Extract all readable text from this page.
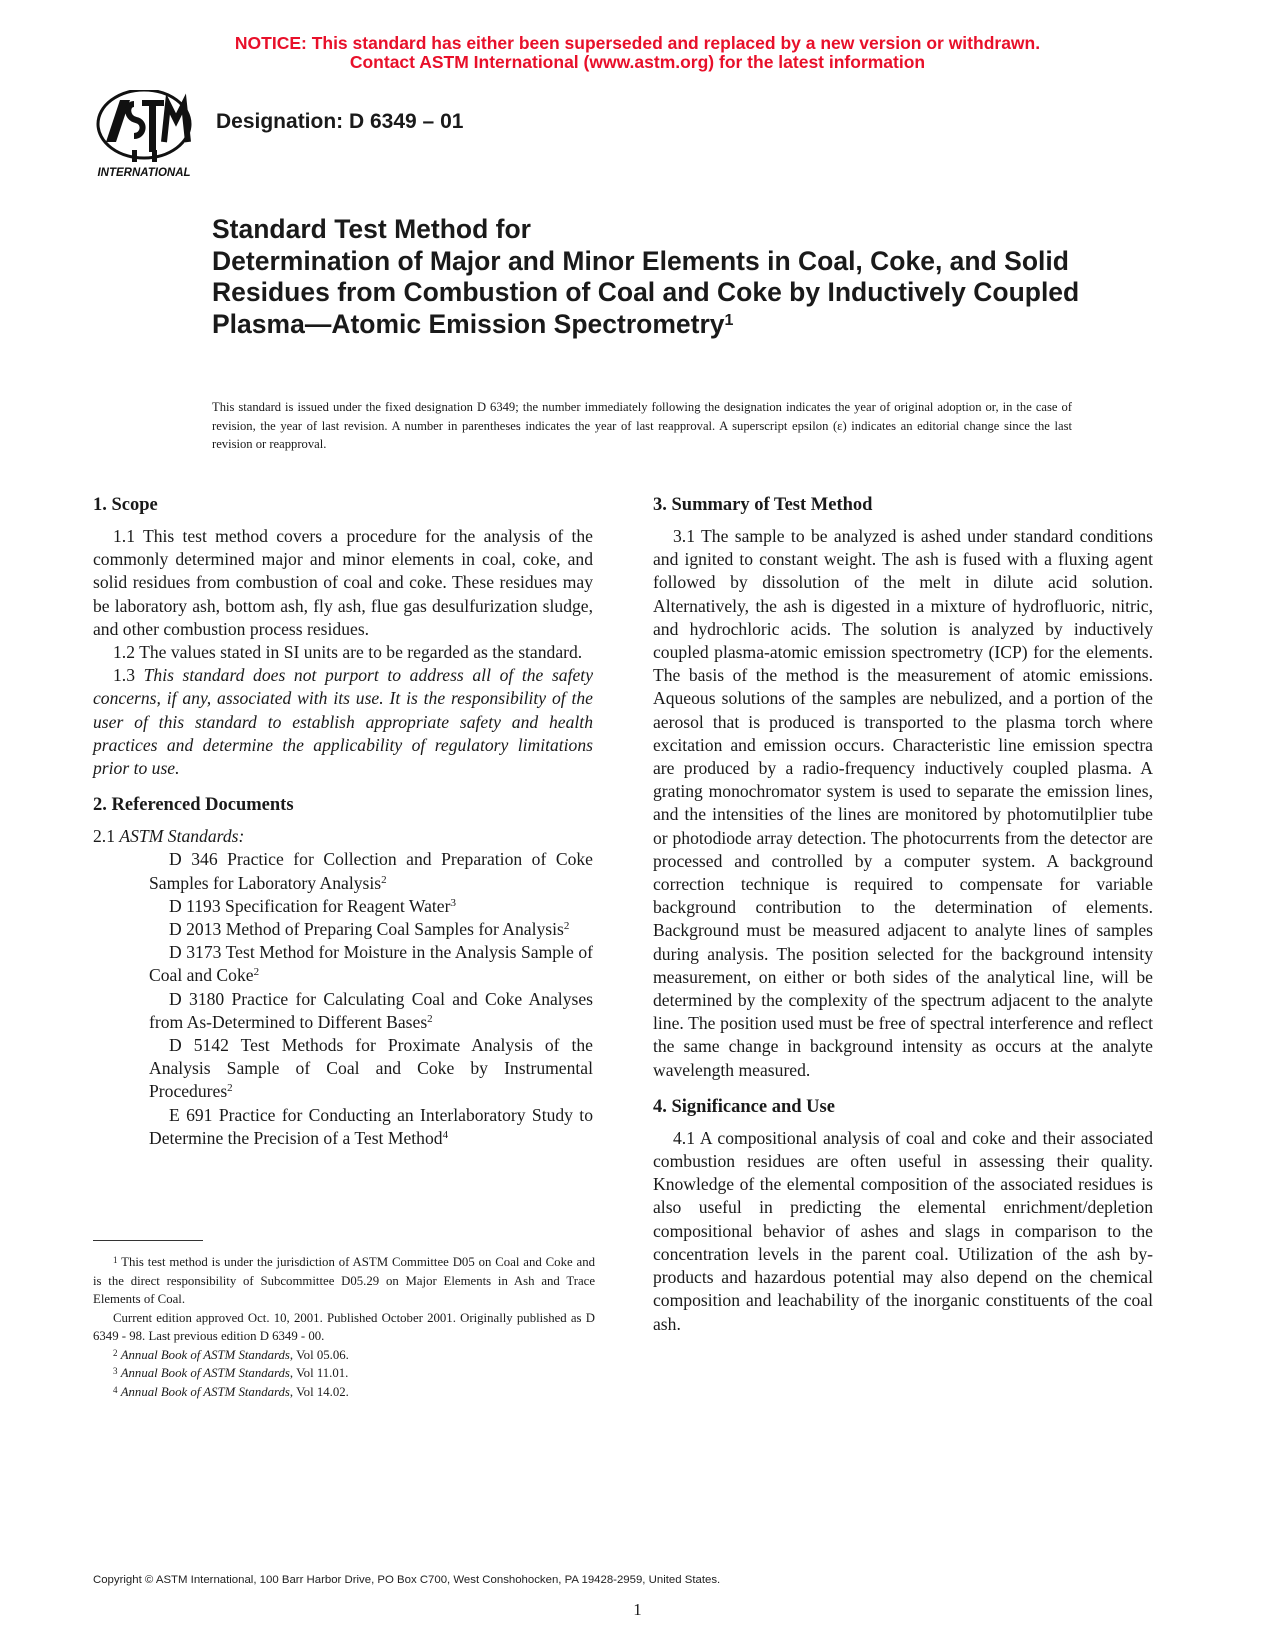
NOTICE: This standard has either been superseded and replaced by a new version or withdrawn.
Contact ASTM International (www.astm.org) for the latest information
INTERNATIONAL
Designation: D 6349 – 01
Standard Test Method for
Determination of Major and Minor Elements in Coal, Coke, and Solid Residues from Combustion of Coal and Coke by Inductively Coupled Plasma—Atomic Emission Spectrometry$^1$
This standard is issued under the fixed designation D 6349; the number immediately following the designation indicates the year of original adoption or, in the case of revision, the year of last revision. A number in parentheses indicates the year of last reapproval. A superscript epsilon (ε) indicates an editorial change since the last revision or reapproval.
1. Scope

1.1 This test method covers a procedure for the analysis of the commonly determined major and minor elements in coal, coke, and solid residues from combustion of coal and coke. These residues may be laboratory ash, bottom ash, fly ash, flue gas desulfurization sludge, and other combustion process residues.

1.2 The values stated in SI units are to be regarded as the standard.

1.3 This standard does not purport to address all of the safety concerns, if any, associated with its use. It is the responsibility of the user of this standard to establish appropriate safety and health practices and determine the applicability of regulatory limitations prior to use.

2. Referenced Documents

2.1 ASTM Standards:

D 346 Practice for Collection and Preparation of Coke Samples for Laboratory Analysis$^2$

D 1193 Specification for Reagent Water$^3$

D 2013 Method of Preparing Coal Samples for Analysis$^2$

D 3173 Test Method for Moisture in the Analysis Sample of Coal and Coke$^2$

D 3180 Practice for Calculating Coal and Coke Analyses from As-Determined to Different Bases$^2$

D 5142 Test Methods for Proximate Analysis of the Analysis Sample of Coal and Coke by Instrumental Procedures$^2$

E 691 Practice for Conducting an Interlaboratory Study to Determine the Precision of a Test Method$^4$

3. Summary of Test Method

3.1 The sample to be analyzed is ashed under standard conditions and ignited to constant weight. The ash is fused with a fluxing agent followed by dissolution of the melt in dilute acid solution. Alternatively, the ash is digested in a mixture of hydrofluoric, nitric, and hydrochloric acids. The solution is analyzed by inductively coupled plasma-atomic emission spectrometry (ICP) for the elements. The basis of the method is the measurement of atomic emissions. Aqueous solutions of the samples are nebulized, and a portion of the aerosol that is produced is transported to the plasma torch where excitation and emission occurs. Characteristic line emission spectra are produced by a radio-frequency inductively coupled plasma. A grating monochromator system is used to separate the emission lines, and the intensities of the lines are monitored by photomutilplier tube or photodiode array detection. The photocurrents from the detector are processed and controlled by a computer system. A background correction technique is required to compensate for variable background contribution to the determination of elements. Background must be measured adjacent to analyte lines of samples during analysis. The position selected for the background intensity measurement, on either or both sides of the analytical line, will be determined by the complexity of the spectrum adjacent to the analyte line. The position used must be free of spectral interference and reflect the same change in background intensity as occurs at the analyte wavelength measured.

4. Significance and Use

4.1 A compositional analysis of coal and coke and their associated combustion residues are often useful in assessing their quality. Knowledge of the elemental composition of the associated residues is also useful in predicting the elemental enrichment/depletion compositional behavior of ashes and slags in comparison to the concentration levels in the parent coal. Utilization of the ash by-products and hazardous potential may also depend on the chemical composition and leachability of the inorganic constituents of the coal ash.

$^1$ This test method is under the jurisdiction of ASTM Committee D05 on Coal and Coke and is the direct responsibility of Subcommittee D05.29 on Major Elements in Ash and Trace Elements of Coal.

Current edition approved Oct. 10, 2001. Published October 2001. Originally published as D 6349 - 98. Last previous edition D 6349 - 00.

$^2$ Annual Book of ASTM Standards, Vol 05.06.

$^3$ Annual Book of ASTM Standards, Vol 11.01.

$^4$ Annual Book of ASTM Standards, Vol 14.02.

Copyright © ASTM International, 100 Barr Harbor Drive, PO Box C700, West Conshohocken, PA 19428-2959, United States.
1
